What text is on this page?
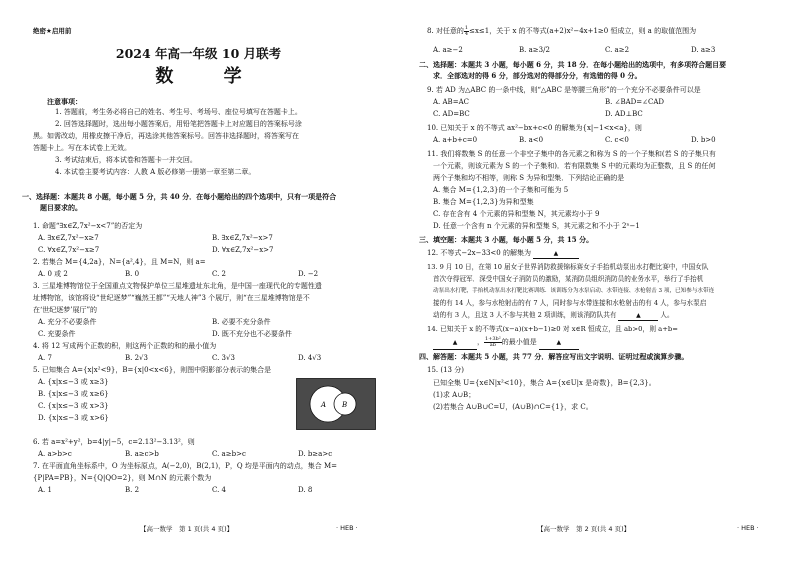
绝密★启用前
2024 年高一年级 10 月联考
数 学
注意事项：
1. 答题前，考生务必将自己的姓名、考生号、考场号、座位号填写在答题卡上。
2. 回答选择题时，选出每小题答案后，用铅笔把答题卡上对应题目的答案标号涂
黑。如需改动，用橡皮擦干净后，再选涂其他答案标号。回答非选择题时，将答案写在
答题卡上。写在本试卷上无效。
3. 考试结束后，将本试卷和答题卡一并交回。
4. 本试卷主要考试内容：人教 A 版必修第一册第一章至第二章。
一、选择题：本题共 8 小题，每小题 5 分，共 40 分．在每小题给出的四个选项中，只有一项是符合
题目要求的。
1. 命题“∃x∈Z,7x²−x<7”的否定为
A. ∃x∈Z,7x²−x≥7	B. ∃x∈Z,7x²−x>7
C. ∀x∈Z,7x²−x≥7	D. ∀x∈Z,7x²−x>7
2. 若集合 M={4,2a}，N={a²,4}，且 M=N，则 a=
A. 0 或 2	B. 0	C. 2	D. −2
3. 三星堆博物馆位于全国重点文物保护单位三星堆遗址东北角，是中国一座现代化的专题性遗
址博物馆，该馆将设“世纪逐梦”“巍然王都”“天地人神”3 个展厅，则“在三星堆博物馆是不
在‘世纪逐梦’展厅”的
A. 充分不必要条件	B. 必要不充分条件
C. 充要条件	D. 既不充分也不必要条件
4. 将 12 写成两个正数的积，则这两个正数的和的最小值为
A. 7	B. 2√3	C. 3√3	D. 4√3
5. 已知集合 A={x|x²<9}，B={x|0<x<6}，则图中阴影部分表示的集合是
A. {x|x≤−3 或 x≥3}
B. {x|x≤−3 或 x≥6}
C. {x|x≤−3 或 x>3}
D. {x|x≤−3 或 x>6}
A B
6. 若 a=x²+y²，b=4|y|−5，c=2.13²−3.13²，则
A. a>b>c	B. a≥c>b	C. a≥b>c	D. b≥a>c
7. 在平面直角坐标系中，O 为坐标原点，A(−2,0)，B(2,1)，P，Q 均是平面内的动点，集合 M=
{P|PA=PB}，N={Q|QO=2}，则 M∩N 的元素个数为
A. 1	B. 2	C. 4	D. 8
【高一数学　第 1 页(共 4 页)】	· HEB ·
8. 对任意的 $\frac{1}{4} \le x\le 1$，关于 x 的不等式(a+2)x²−4x+1≥0 恒成立，则 a 的取值范围为
A. a≥−2	B. a≥3/2	C. a≥2	D. a≥3
二、选择题：本题共 3 小题，每小题 6 分，共 18 分．在每小题给出的选项中，有多项符合题目要
求．全部选对的得 6 分，部分选对的得部分分，有选错的得 0 分。
9. 若 AD 为△ABC 的一条中线，则“△ABC 是等腰三角形”的一个充分不必要条件可以是
A. AB=AC	B. ∠BAD=∠CAD
C. AD=BC	D. AD⊥BC
10. 已知关于 x 的不等式 ax²−bx+c<0 的解集为{x|−1<x<a}，则
A. a+b+c=0	B. a<0	C. c<0	D. b>0
11. 我们将数集 S 的任意一个非空子集中的各元素之和称为 S 的一个子集和(若 S 的子集只有
一个元素，则该元素为 S 的一个子集和)．若有限数集 S 中的元素均为正整数，且 S 的任何
两个子集和均不相等，则称 S 为异和型集．下列结论正确的是
A. 集合 M={1,2,3}的一个子集和可能为 5
B. 集合 M={1,2,3}为异和型集
C. 存在含有 4 个元素的异和型集 N，其元素均小于 9
D. 任意一个含有 n 个元素的异和型集 S，其元素之和不小于 2ⁿ−1
三、填空题：本题共 3 小题，每小题 5 分，共 15 分。
12. 不等式−2x−33<0 的解集为	▲
13. 9 月 10 日，在第 10 届女子世界消防救援锦标赛女子手抬机动泵出水打靶比赛中，中国女队
首次夺得冠军．深受中国女子消防员的激励，某消防员组织消防员的业务水平，举行了手抬机
动泵出水打靶，手抬机动泵出水打靶比赛训练．该训练分为水泵启动、水带连接、水枪射击 3 项，已知参与水带连
接的有 14 人，参与水枪射击的有 7 人，同时参与水带连接和水枪射击的有 4 人，参与水泵启
动的有 3 人，且这 3 人不参与其他 2 项训练，则该消防队共有	▲	人。
14. 已知关于 x 的不等式(x−a)(x+b−1)≥0 对 x∈R 恒成立，且 ab>0，则 a+b=
▲	， $\frac{\text{1+3b²}}{ab}$ 的最小值是	▲
四、解答题：本题共 5 小题，共 77 分．解答应写出文字说明、证明过程或演算步骤。
15. (13 分)
已知全集 U={x∈N|x²<10}，集合 A={x∈U|x 是奇数}，B={2,3}。
(1)求 A∪B；
(2)若集合 A∪B∪C=U，(A∪B)∩C={1}，求 C。
【高一数学　第 2 页(共 4 页)】	· HEB ·
